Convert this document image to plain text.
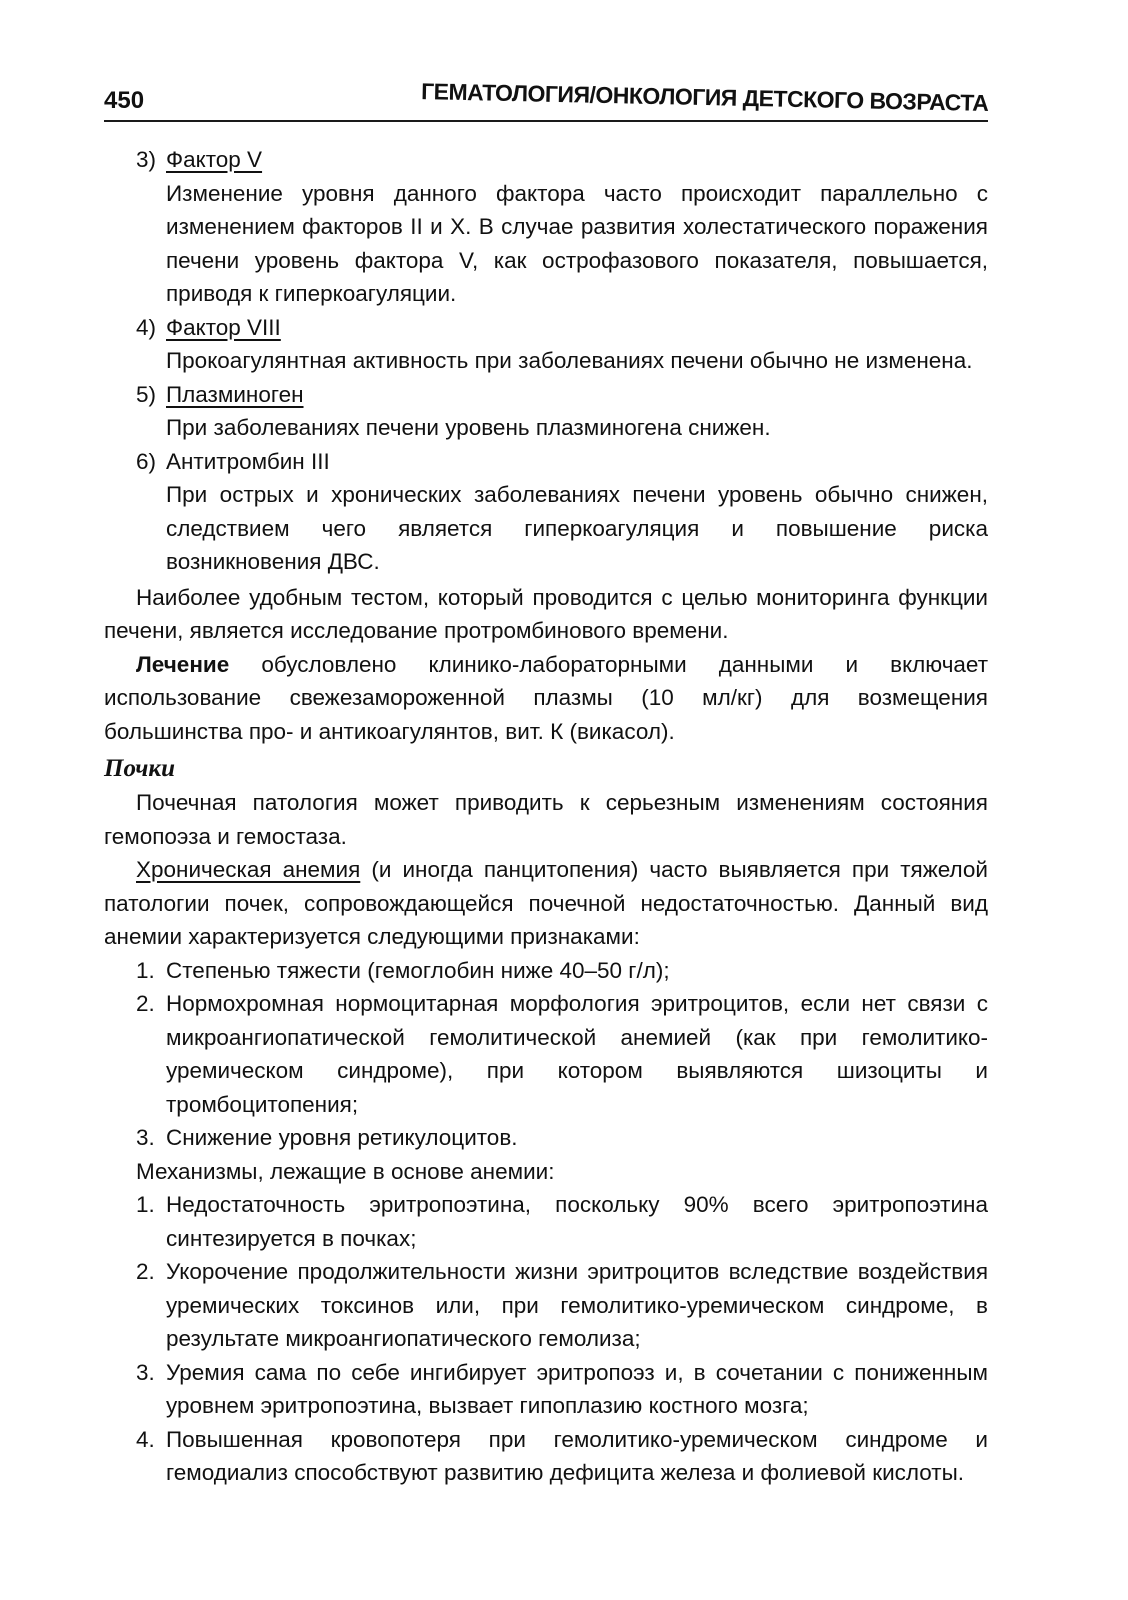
450	ГЕМАТОЛОГИЯ/ОНКОЛОГИЯ ДЕТСКОГО ВОЗРАСТА
3) Фактор V

Изменение уровня данного фактора часто происходит параллельно с изменением факторов II и X. В случае развития холестатического поражения печени уровень фактора V, как острофазового показателя, повышается, приводя к гиперкоагуляции.

4) Фактор VIII

Прокоагулянтная активность при заболеваниях печени обычно не изменена.

5) Плазминоген

При заболеваниях печени уровень плазминогена снижен.

6) Антитромбин III

При острых и хронических заболеваниях печени уровень обычно снижен, следствием чего является гиперкоагуляция и повышение риска возникновения ДВС.

Наиболее удобным тестом, который проводится с целью мониторинга функции печени, является исследование протромбинового времени.

Лечение обусловлено клинико-лабораторными данными и включает использование свежезамороженной плазмы (10 мл/кг) для возмещения большинства про- и антикоагулянтов, вит. К (викасол).

Почки

Почечная патология может приводить к серьезным изменениям состояния гемопоэза и гемостаза.

Хроническая анемия (и иногда панцитопения) часто выявляется при тяжелой патологии почек, сопровождающейся почечной недостаточностью. Данный вид анемии характеризуется следующими признаками:

1. Степенью тяжести (гемоглобин ниже 40–50 г/л);
2. Нормохромная нормоцитарная морфология эритроцитов, если нет связи с микроангиопатической гемолитической анемией (как при гемолитико-уремическом синдроме), при котором выявляются шизоциты и тромбоцитопения;
3. Снижение уровня ретикулоцитов.

Механизмы, лежащие в основе анемии:

1. Недостаточность эритропоэтина, поскольку 90% всего эритропоэтина синтезируется в почках;
2. Укорочение продолжительности жизни эритроцитов вследствие воздействия уремических токсинов или, при гемолитико-уремическом синдроме, в результате микроангиопатического гемолиза;
3. Уремия сама по себе ингибирует эритропоэз и, в сочетании с пониженным уровнем эритропоэтина, вызвает гипоплазию костного мозга;
4. Повышенная кровопотеря при гемолитико-уремическом синдроме и гемодиализ способствуют развитию дефицита железа и фолиевой кислоты.
